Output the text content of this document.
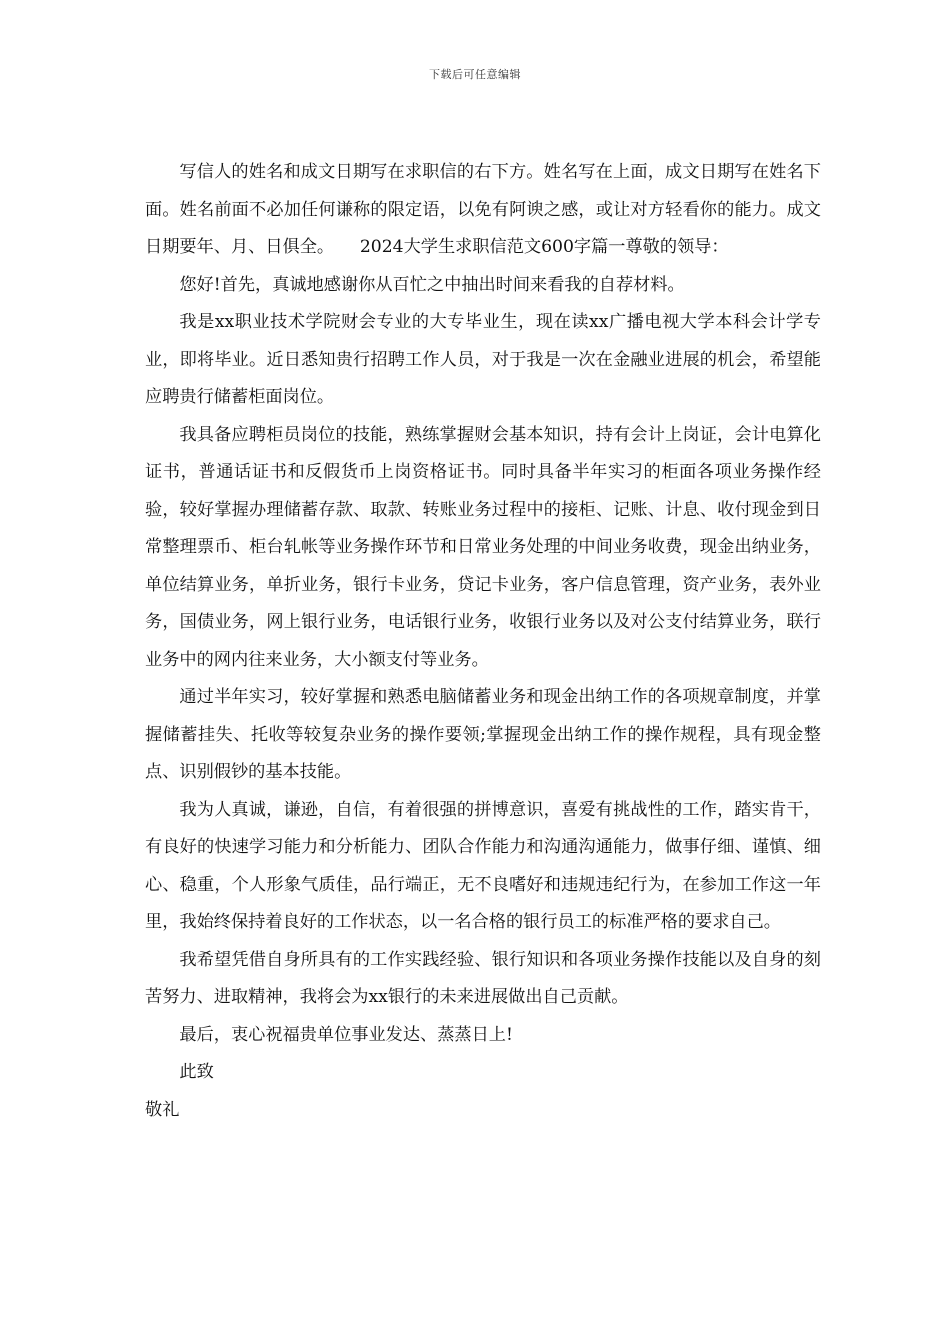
下载后可任意编辑

写信人的姓名和成文日期写在求职信的右下方。姓名写在上面，成文日期写在姓名下面。姓名前面不必加任何谦称的限定语，以免有阿谀之感，或让对方轻看你的能力。成文日期要年、月、日俱全。　　2024大学生求职信范文600字篇一尊敬的领导：

您好!首先，真诚地感谢你从百忙之中抽出时间来看我的自荐材料。

我是xx职业技术学院财会专业的大专毕业生，现在读xx广播电视大学本科会计学专业，即将毕业。近日悉知贵行招聘工作人员，对于我是一次在金融业进展的机会，希望能应聘贵行储蓄柜面岗位。

我具备应聘柜员岗位的技能，熟练掌握财会基本知识，持有会计上岗证，会计电算化证书，普通话证书和反假货币上岗资格证书。同时具备半年实习的柜面各项业务操作经验，较好掌握办理储蓄存款、取款、转账业务过程中的接柜、记账、计息、收付现金到日常整理票币、柜台轧帐等业务操作环节和日常业务处理的中间业务收费，现金出纳业务，单位结算业务，单折业务，银行卡业务，贷记卡业务，客户信息管理，资产业务，表外业务，国债业务，网上银行业务，电话银行业务，收银行业务以及对公支付结算业务，联行业务中的网内往来业务，大小额支付等业务。

通过半年实习，较好掌握和熟悉电脑储蓄业务和现金出纳工作的各项规章制度，并掌握储蓄挂失、托收等较复杂业务的操作要领;掌握现金出纳工作的操作规程，具有现金整点、识别假钞的基本技能。

我为人真诚，谦逊，自信，有着很强的拼博意识，喜爱有挑战性的工作，踏实肯干，有良好的快速学习能力和分析能力、团队合作能力和沟通沟通能力，做事仔细、谨慎、细心、稳重，个人形象气质佳，品行端正，无不良嗜好和违规违纪行为，在参加工作这一年里，我始终保持着良好的工作状态，以一名合格的银行员工的标准严格的要求自己。

我希望凭借自身所具有的工作实践经验、银行知识和各项业务操作技能以及自身的刻苦努力、进取精神，我将会为xx银行的未来进展做出自己贡献。

最后，衷心祝福贵单位事业发达、蒸蒸日上!

此致

敬礼
